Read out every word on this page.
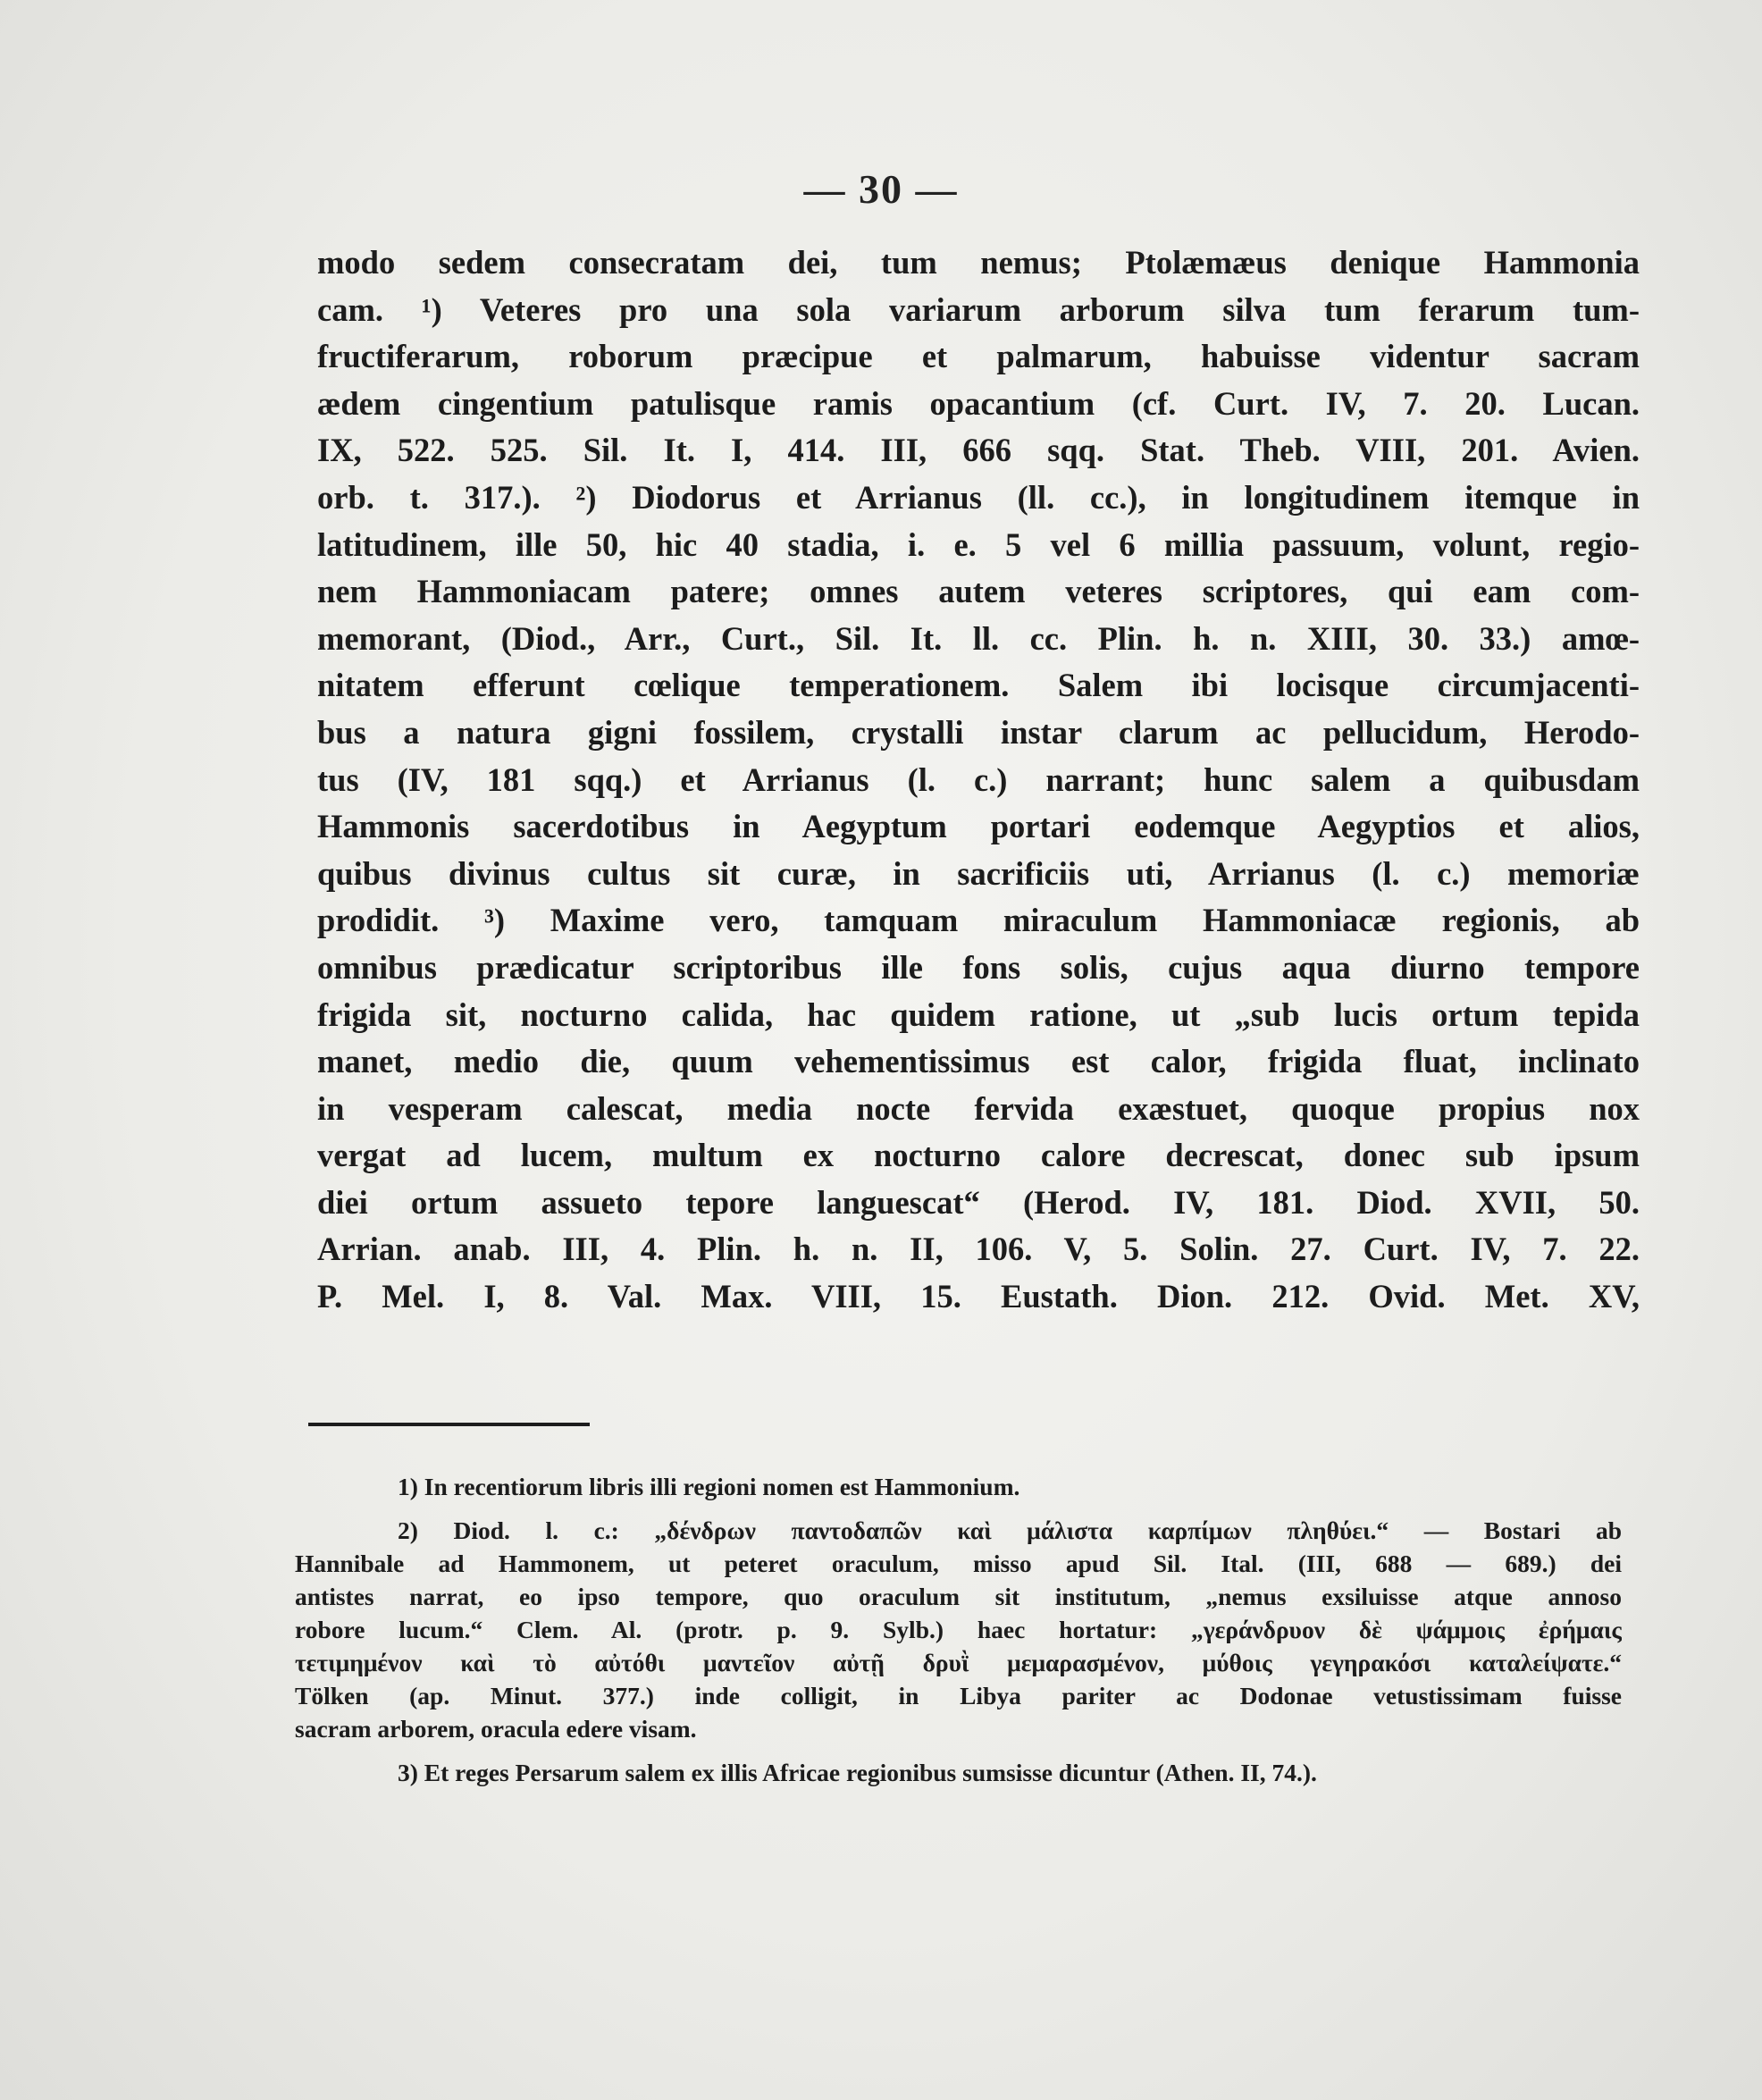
— 30 —
modo sedem consecratam dei, tum nemus; Ptolæmæus denique Hammonia
cam. ¹) Veteres pro una sola variarum arborum silva tum ferarum tum-
fructiferarum, roborum præcipue et palmarum, habuisse videntur sacram
ædem cingentium patulisque ramis opacantium (cf. Curt. IV, 7. 20. Lucan.
IX, 522. 525. Sil. It. I, 414. III, 666 sqq. Stat. Theb. VIII, 201. Avien.
orb. t. 317.). ²) Diodorus et Arrianus (ll. cc.), in longitudinem itemque in
latitudinem, ille 50, hic 40 stadia, i. e. 5 vel 6 millia passuum, volunt, regio-
nem Hammoniacam patere; omnes autem veteres scriptores, qui eam com-
memorant, (Diod., Arr., Curt., Sil. It. ll. cc. Plin. h. n. XIII, 30. 33.) amœ-
nitatem efferunt cœlique temperationem. Salem ibi locisque circumjacenti-
bus a natura gigni fossilem, crystalli instar clarum ac pellucidum, Herodo-
tus (IV, 181 sqq.) et Arrianus (l. c.) narrant; hunc salem a quibusdam
Hammonis sacerdotibus in Aegyptum portari eodemque Aegyptios et alios,
quibus divinus cultus sit curæ, in sacrificiis uti, Arrianus (l. c.) memoriæ
prodidit. ³) Maxime vero, tamquam miraculum Hammoniacæ regionis, ab
omnibus prædicatur scriptoribus ille fons solis, cujus aqua diurno tempore
frigida sit, nocturno calida, hac quidem ratione, ut „sub lucis ortum tepida
manet, medio die, quum vehementissimus est calor, frigida fluat, inclinato
in vesperam calescat, media nocte fervida exæstuet, quoque propius nox
vergat ad lucem, multum ex nocturno calore decrescat, donec sub ipsum
diei ortum assueto tepore languescat“ (Herod. IV, 181. Diod. XVII, 50.
Arrian. anab. III, 4. Plin. h. n. II, 106. V, 5. Solin. 27. Curt. IV, 7. 22.
P. Mel. I, 8. Val. Max. VIII, 15. Eustath. Dion. 212. Ovid. Met. XV,
1) In recentiorum libris illi regioni nomen est Hammonium.
2) Diod. l. c.: „δένδρων παντοδαπῶν καὶ μάλιστα καρπίμων πληθύει.“ — Bostari ab
Hannibale ad Hammonem, ut peteret oraculum, misso apud Sil. Ital. (III, 688 — 689.) dei
antistes narrat, eo ipso tempore, quo oraculum sit institutum, „nemus exsiluisse atque annoso
robore lucum.“ Clem. Al. (protr. p. 9. Sylb.) haec hortatur: „γεράνδρυον δὲ ψάμμοις ἐρήμαις
τετιμημένον καὶ τὸ αὐτόθι μαντεῖον αὐτῇ δρυῒ μεμαρασμένον, μύθοις γεγηρακόσι καταλείψατε.“
Tölken (ap. Minut. 377.) inde colligit, in Libya pariter ac Dodonae vetustissimam fuisse
sacram arborem, oracula edere visam.
3) Et reges Persarum salem ex illis Africae regionibus sumsisse dicuntur (Athen. II, 74.).
